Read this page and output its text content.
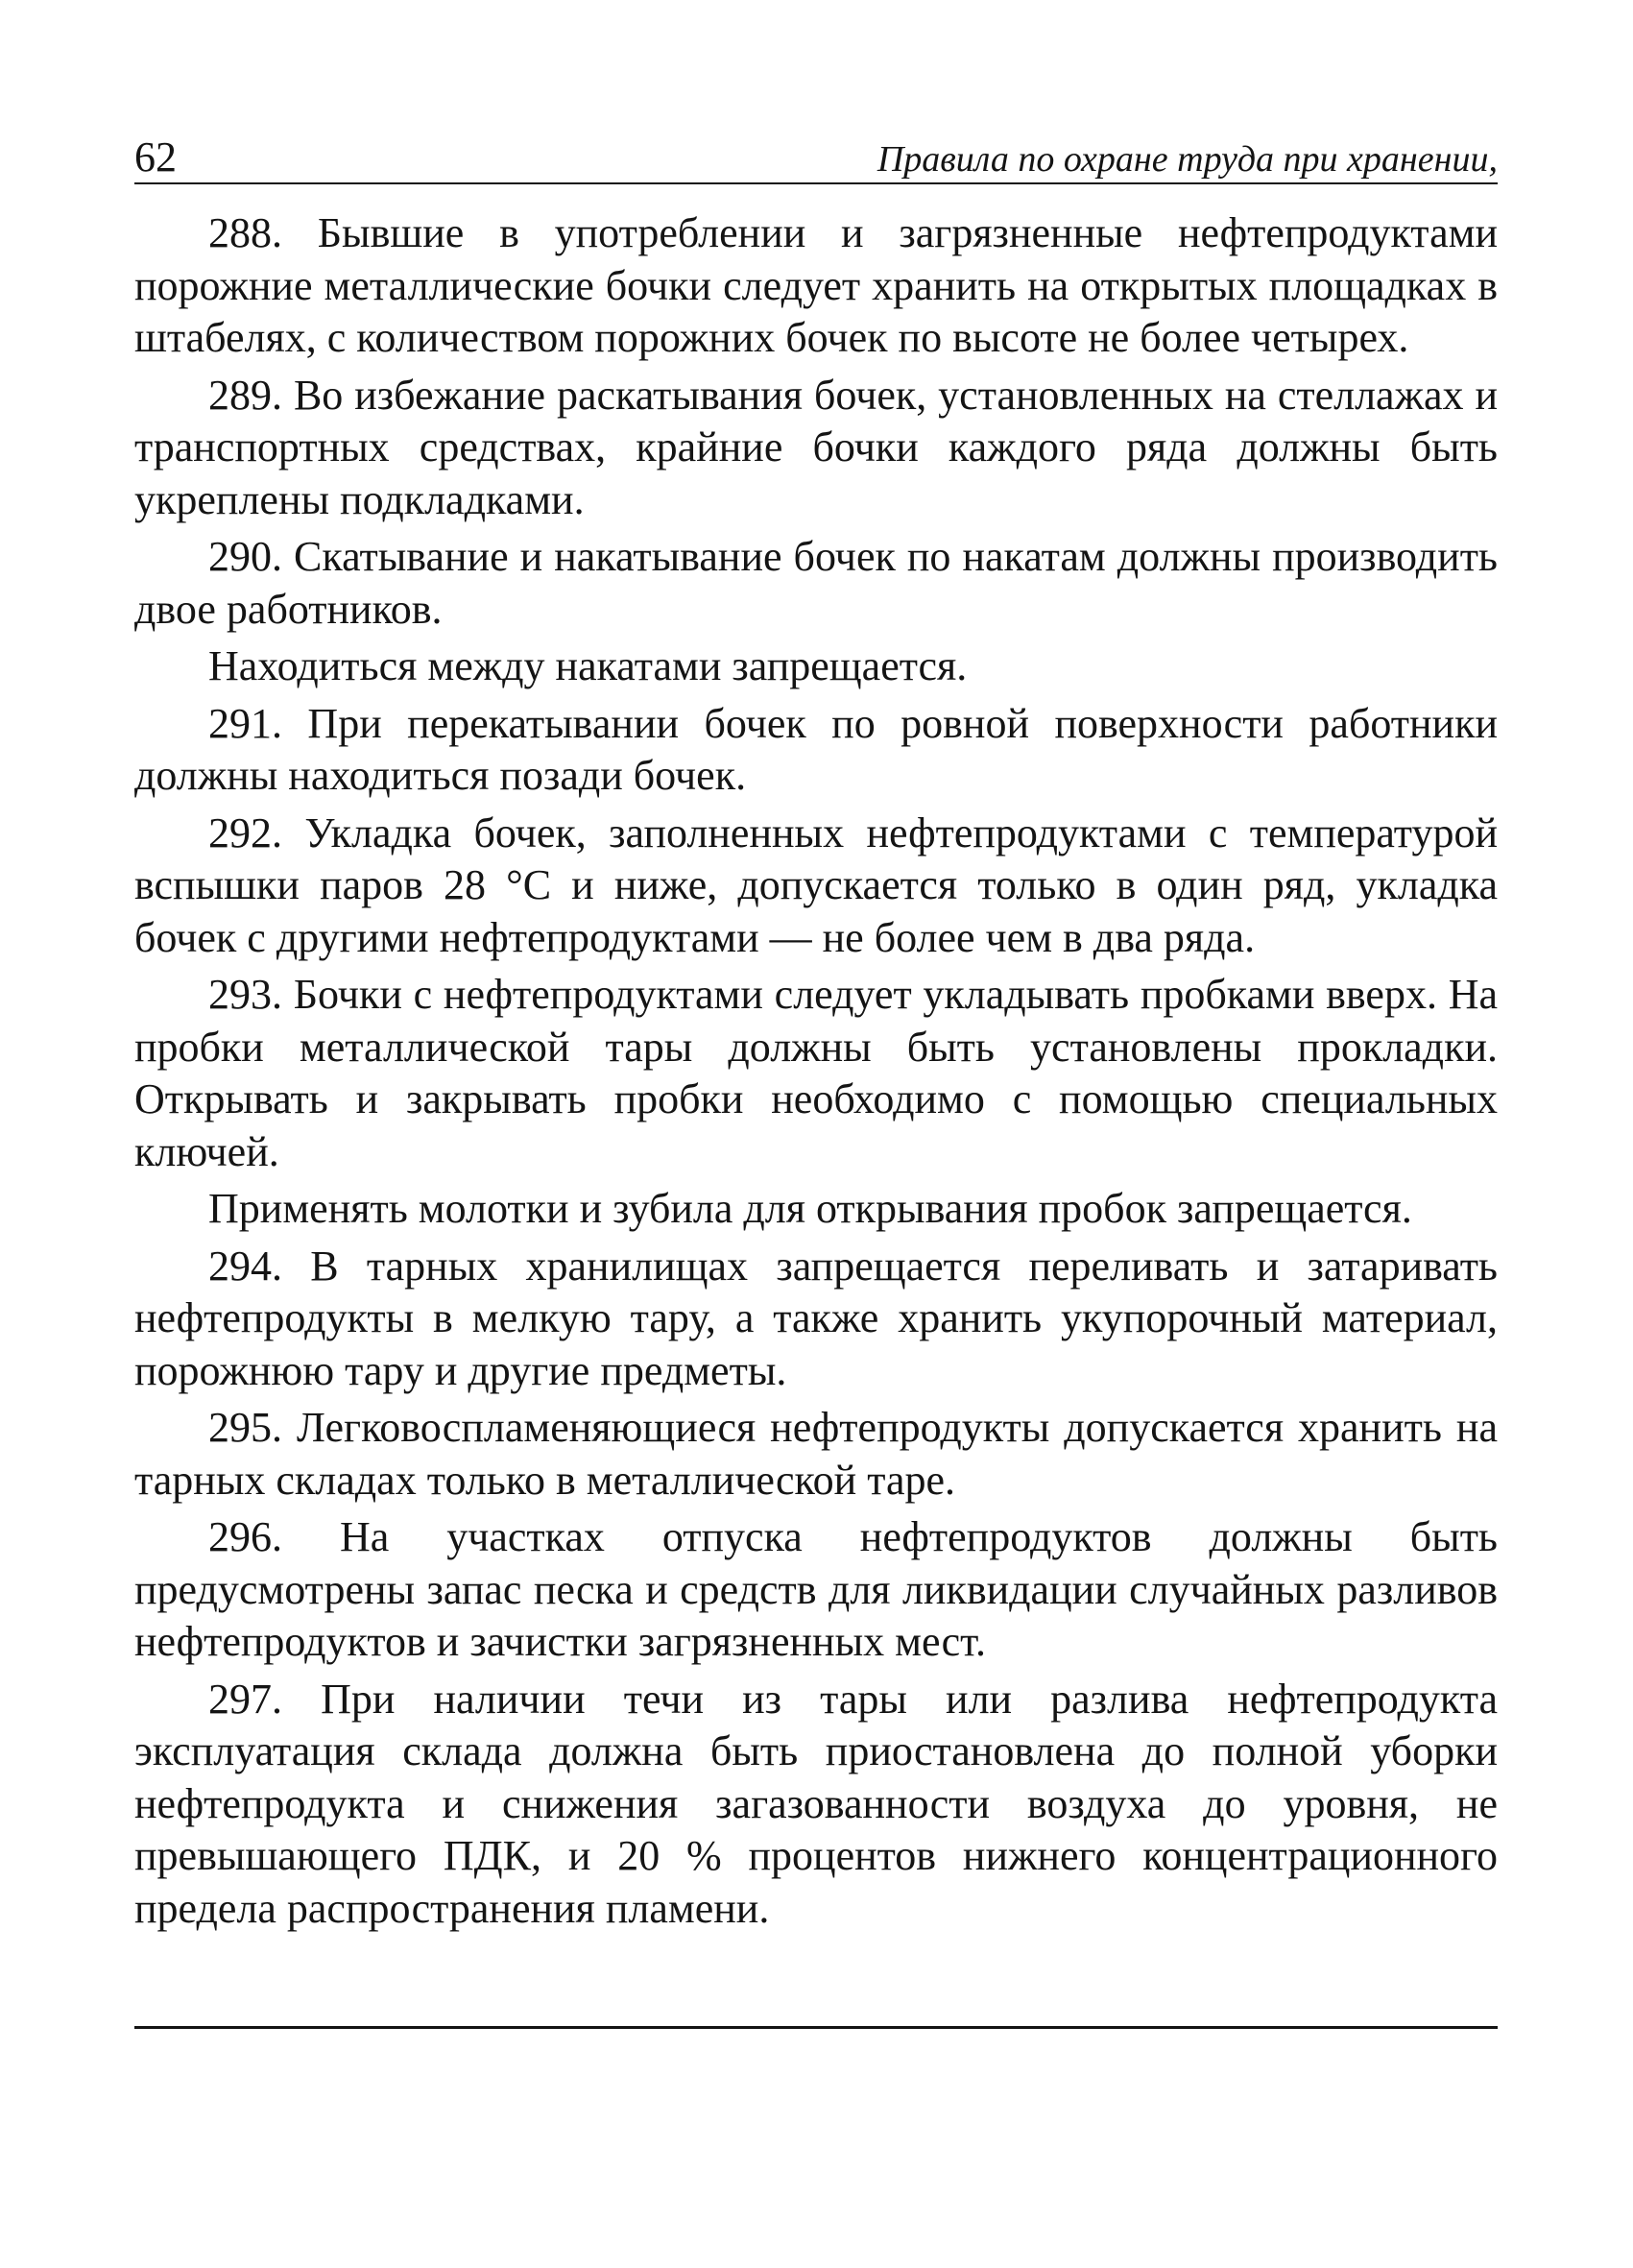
62	Правила по охране труда при хранении,

288. Бывшие в употреблении и загрязненные нефтепродуктами порожние металлические бочки следует хранить на открытых площадках в штабелях, с количеством порожних бочек по высоте не более четырех.

289. Во избежание раскатывания бочек, установленных на стеллажах и транспортных средствах, крайние бочки каждого ряда должны быть укреплены подкладками.

290. Скатывание и накатывание бочек по накатам должны производить двое работников.

Находиться между накатами запрещается.

291. При перекатывании бочек по ровной поверхности работники должны находиться позади бочек.

292. Укладка бочек, заполненных нефтепродуктами с температурой вспышки паров 28 °С и ниже, допускается только в один ряд, укладка бочек с другими нефтепродуктами — не более чем в два ряда.

293. Бочки с нефтепродуктами следует укладывать пробками вверх. На пробки металлической тары должны быть установлены прокладки. Открывать и закрывать пробки необходимо с помощью специальных ключей.

Применять молотки и зубила для открывания пробок запрещается.

294. В тарных хранилищах запрещается переливать и затаривать нефтепродукты в мелкую тару, а также хранить укупорочный материал, порожнюю тару и другие предметы.

295. Легковоспламеняющиеся нефтепродукты допускается хранить на тарных складах только в металлической таре.

296. На участках отпуска нефтепродуктов должны быть предусмотрены запас песка и средств для ликвидации случайных разливов нефтепродуктов и зачистки загрязненных мест.

297. При наличии течи из тары или разлива нефтепродукта эксплуатация склада должна быть приостановлена до полной уборки нефтепродукта и снижения загазованности воздуха до уровня, не превышающего ПДК, и 20 % процентов нижнего концентрационного предела распространения пламени.
